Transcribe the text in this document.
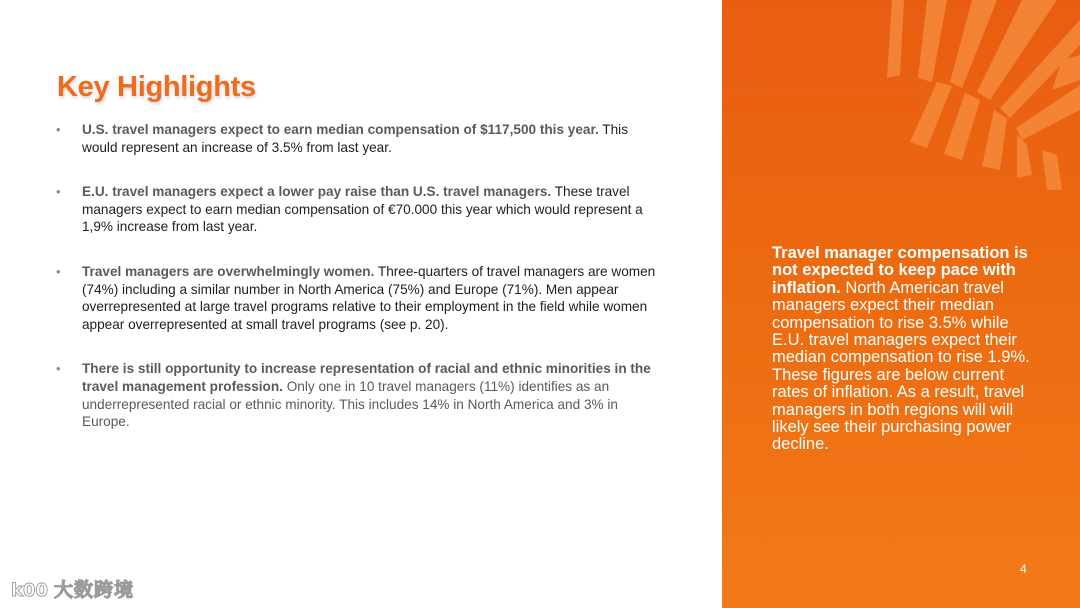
Key Highlights
• U.S. travel managers expect to earn median compensation of $117,500 this year. This would represent an increase of 3.5% from last year.
• E.U. travel managers expect a lower pay raise than U.S. travel managers. These travel managers expect to earn median compensation of €70.000 this year which would represent a 1,9% increase from last year.
• Travel managers are overwhelmingly women. Three-quarters of travel managers are women (74%) including a similar number in North America (75%) and Europe (71%). Men appear overrepresented at large travel programs relative to their employment in the field while women appear overrepresented at small travel programs (see p. 20).
• There is still opportunity to increase representation of racial and ethnic minorities in the travel management profession. Only one in 10 travel managers (11%) identifies as an underrepresented racial or ethnic minority. This includes 14% in North America and 3% in Europe.
Travel manager compensation is not expected to keep pace with inflation. North American travel managers expect their median compensation to rise 3.5% while E.U. travel managers expect their median compensation to rise 1.9%. These figures are below current rates of inflation. As a result, travel managers in both regions will will likely see their purchasing power decline.
4
k00 大数跨境
